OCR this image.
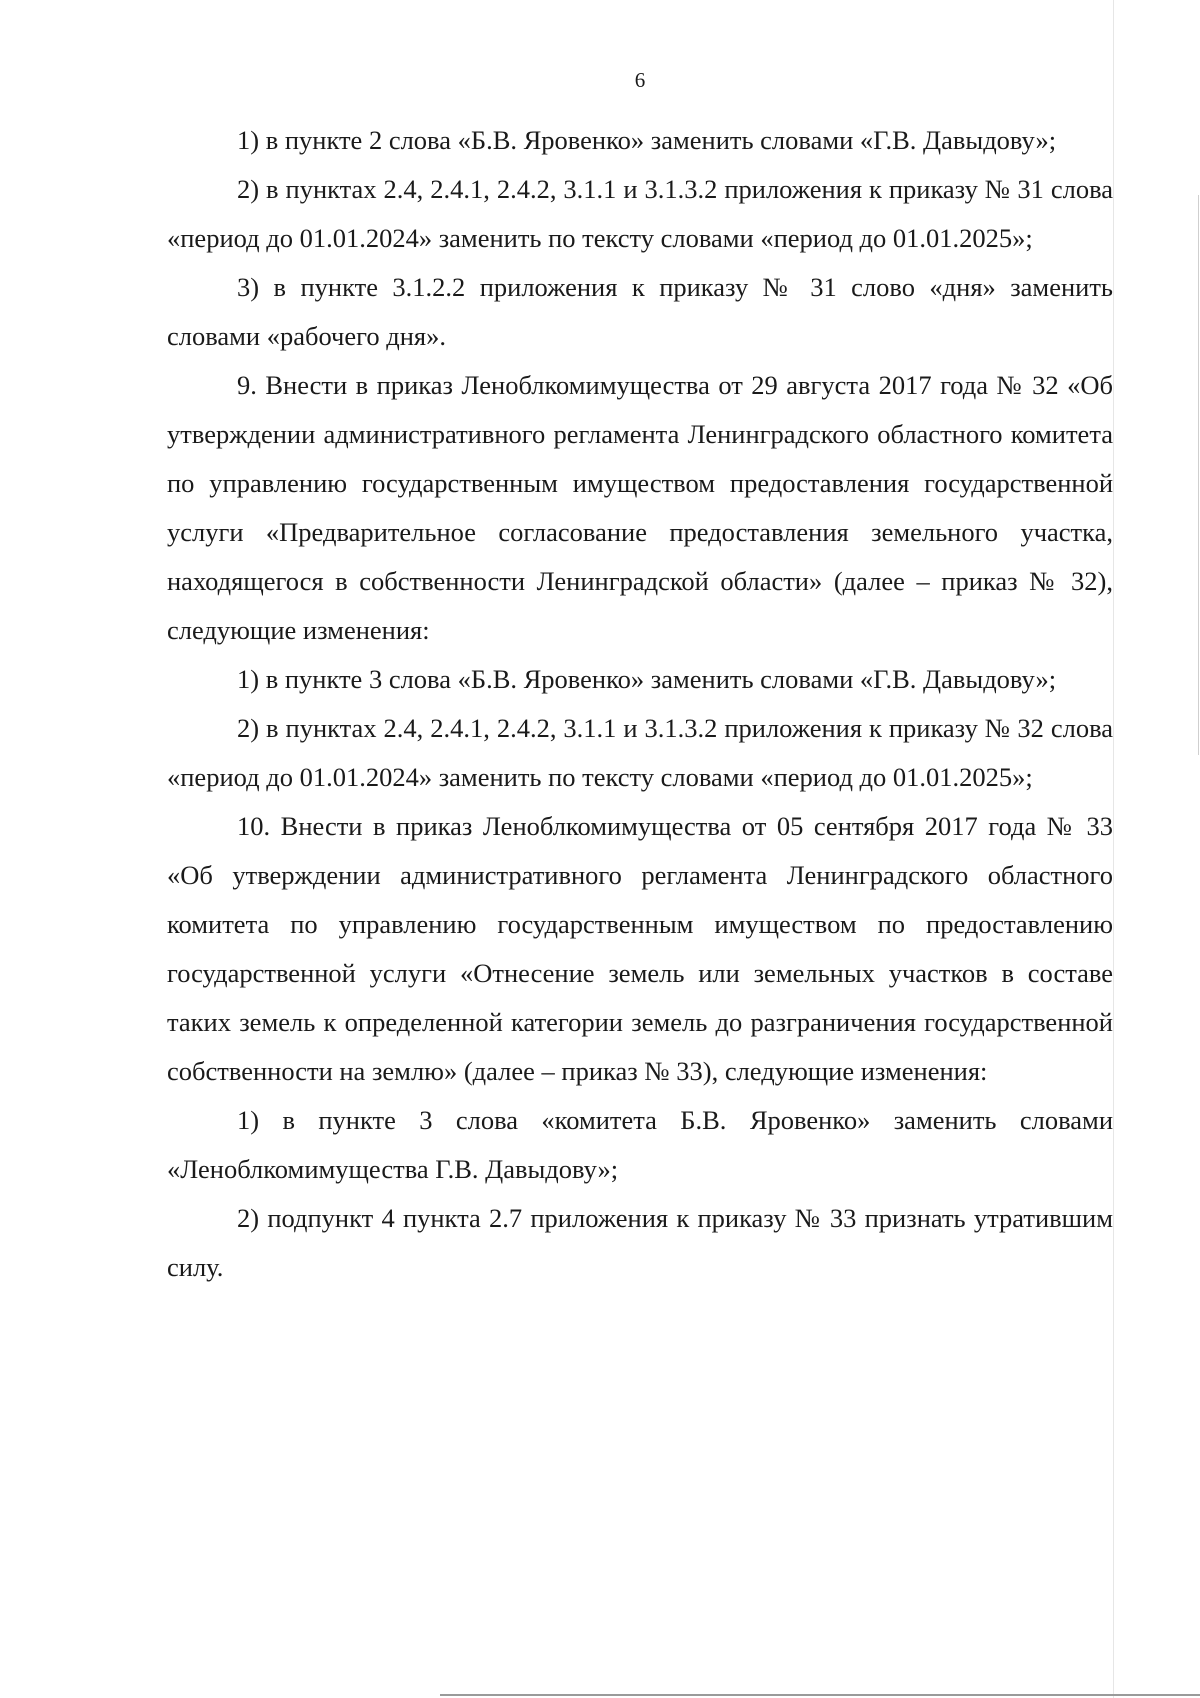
6

1) в пункте 2 слова «Б.В. Яровенко» заменить словами «Г.В. Давыдову»;

2) в пунктах 2.4, 2.4.1, 2.4.2, 3.1.1 и 3.1.3.2 приложения к приказу № 31 слова «период до 01.01.2024» заменить по тексту словами «период до 01.01.2025»;

3) в пункте 3.1.2.2 приложения к приказу № 31 слово «дня» заменить словами «рабочего дня».

9. Внести в приказ Леноблкомимущества от 29 августа 2017 года № 32 «Об утверждении административного регламента Ленинградского областного комитета по управлению государственным имуществом предоставления государственной услуги «Предварительное согласование предоставления земельного участка, находящегося в собственности Ленинградской области» (далее – приказ № 32), следующие изменения:

1) в пункте 3 слова «Б.В. Яровенко» заменить словами «Г.В. Давыдову»;

2) в пунктах 2.4, 2.4.1, 2.4.2, 3.1.1 и 3.1.3.2 приложения к приказу № 32 слова «период до 01.01.2024» заменить по тексту словами «период до 01.01.2025»;

10. Внести в приказ Леноблкомимущества от 05 сентября 2017 года № 33 «Об утверждении административного регламента Ленинградского областного комитета по управлению государственным имуществом по предоставлению государственной услуги «Отнесение земель или земельных участков в составе таких земель к определенной категории земель до разграничения государственной собственности на землю» (далее – приказ № 33), следующие изменения:

1) в пункте 3 слова «комитета Б.В. Яровенко» заменить словами «Леноблкомимущества Г.В. Давыдову»;

2) подпункт 4 пункта 2.7 приложения к приказу № 33 признать утратившим силу.
